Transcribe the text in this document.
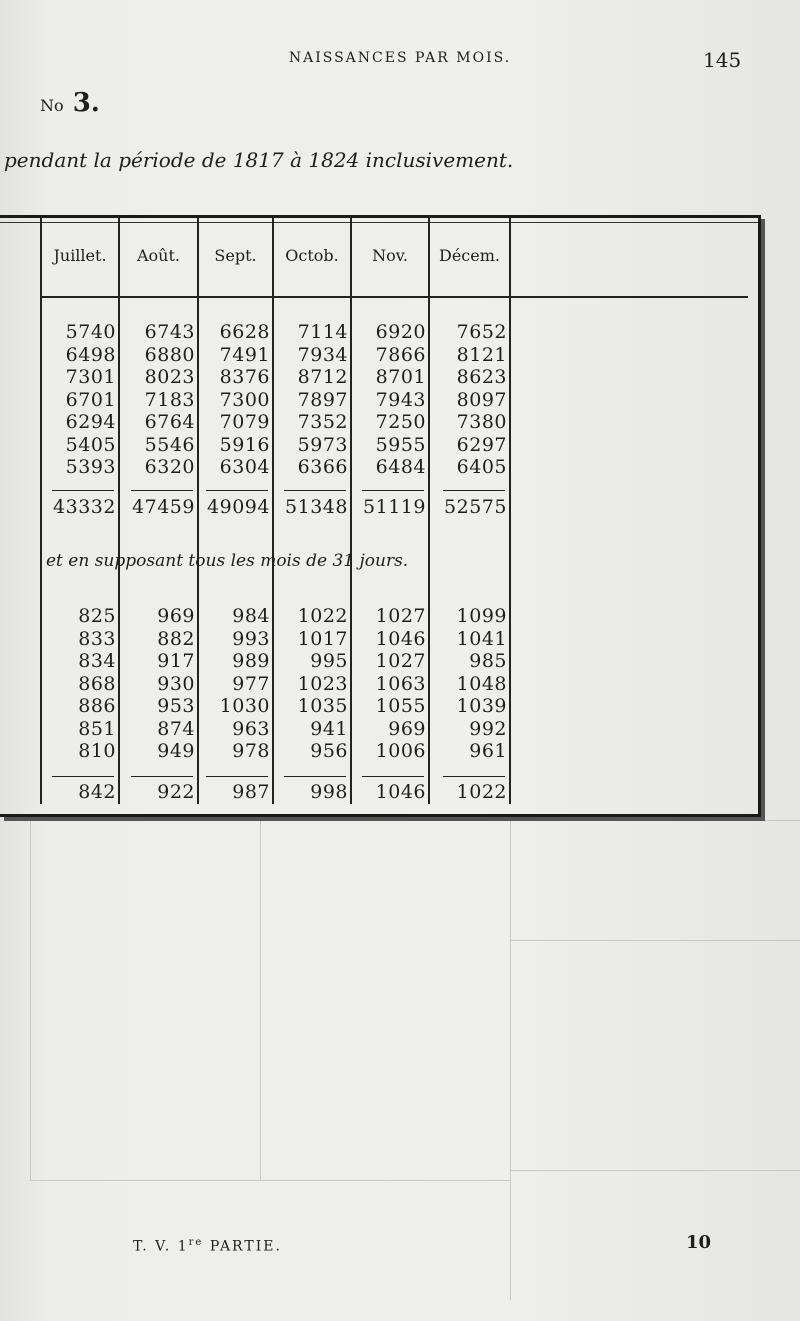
NAISSANCES PAR MOIS.	145
No 3.
pendant la période de 1817 à 1824 inclusivement.
Juillet.	Août.	Sept.	Octob.	Nov.	Décem.
5740	6743	6628	7114	6920	7652
6498	6880	7491	7934	7866	8121
7301	8023	8376	8712	8701	8623
6701	7183	7300	7897	7943	8097
6294	6764	7079	7352	7250	7380
5405	5546	5916	5973	5955	6297
5393	6320	6304	6366	6484	6405
43332 47459 49094 51348 51119 52575
825	969	984	1022	1027	1099
833	882	993	1017	1046	1041
834	917	989	995	1027	985
868	930	977	1023	1063	1048
886	953	1030	1035	1055	1039
851	874	963	941	969	992
810	949	978	956	1006	961
842	922	987	998	1046	1022
et en supposant tous les mois de 31 jours.
T. V. 1re PARTIE.	10
